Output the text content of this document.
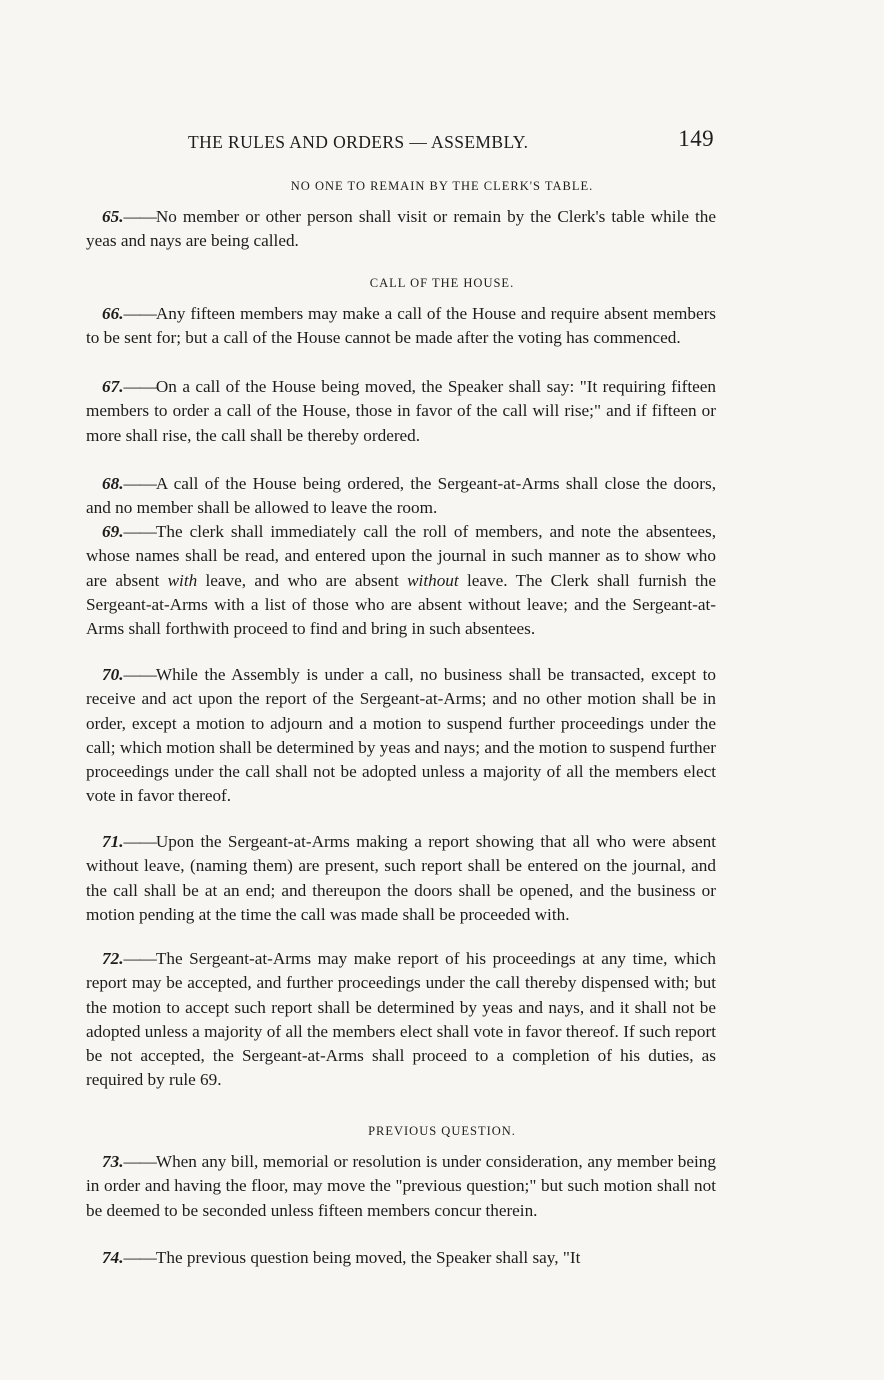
THE RULES AND ORDERS — ASSEMBLY.	149
NO ONE TO REMAIN BY THE CLERK'S TABLE.

65.——No member or other person shall visit or remain by the Clerk's table while the yeas and nays are being called.

CALL OF THE HOUSE.

66.——Any fifteen members may make a call of the House and require absent members to be sent for; but a call of the House cannot be made after the voting has commenced.

67.——On a call of the House being moved, the Speaker shall say: "It requiring fifteen members to order a call of the House, those in favor of the call will rise;" and if fifteen or more shall rise, the call shall be thereby ordered.

68.——A call of the House being ordered, the Sergeant-at-Arms shall close the doors, and no member shall be allowed to leave the room.

69.——The clerk shall immediately call the roll of members, and note the absentees, whose names shall be read, and entered upon the journal in such manner as to show who are absent with leave, and who are absent without leave. The Clerk shall furnish the Sergeant-at-Arms with a list of those who are absent without leave; and the Sergeant-at-Arms shall forthwith proceed to find and bring in such absentees.

70.——While the Assembly is under a call, no business shall be transacted, except to receive and act upon the report of the Sergeant-at-Arms; and no other motion shall be in order, except a motion to adjourn and a motion to suspend further proceedings under the call; which motion shall be determined by yeas and nays; and the motion to suspend further proceedings under the call shall not be adopted unless a majority of all the members elect vote in favor thereof.

71.——Upon the Sergeant-at-Arms making a report showing that all who were absent without leave, (naming them) are present, such report shall be entered on the journal, and the call shall be at an end; and thereupon the doors shall be opened, and the business or motion pending at the time the call was made shall be proceeded with.

72.——The Sergeant-at-Arms may make report of his proceedings at any time, which report may be accepted, and further proceedings under the call thereby dispensed with; but the motion to accept such report shall be determined by yeas and nays, and it shall not be adopted unless a majority of all the members elect shall vote in favor thereof. If such report be not accepted, the Sergeant-at-Arms shall proceed to a completion of his duties, as required by rule 69.

PREVIOUS QUESTION.

73.——When any bill, memorial or resolution is under consideration, any member being in order and having the floor, may move the "previous question;" but such motion shall not be deemed to be seconded unless fifteen members concur therein.

74.——The previous question being moved, the Speaker shall say, "It
